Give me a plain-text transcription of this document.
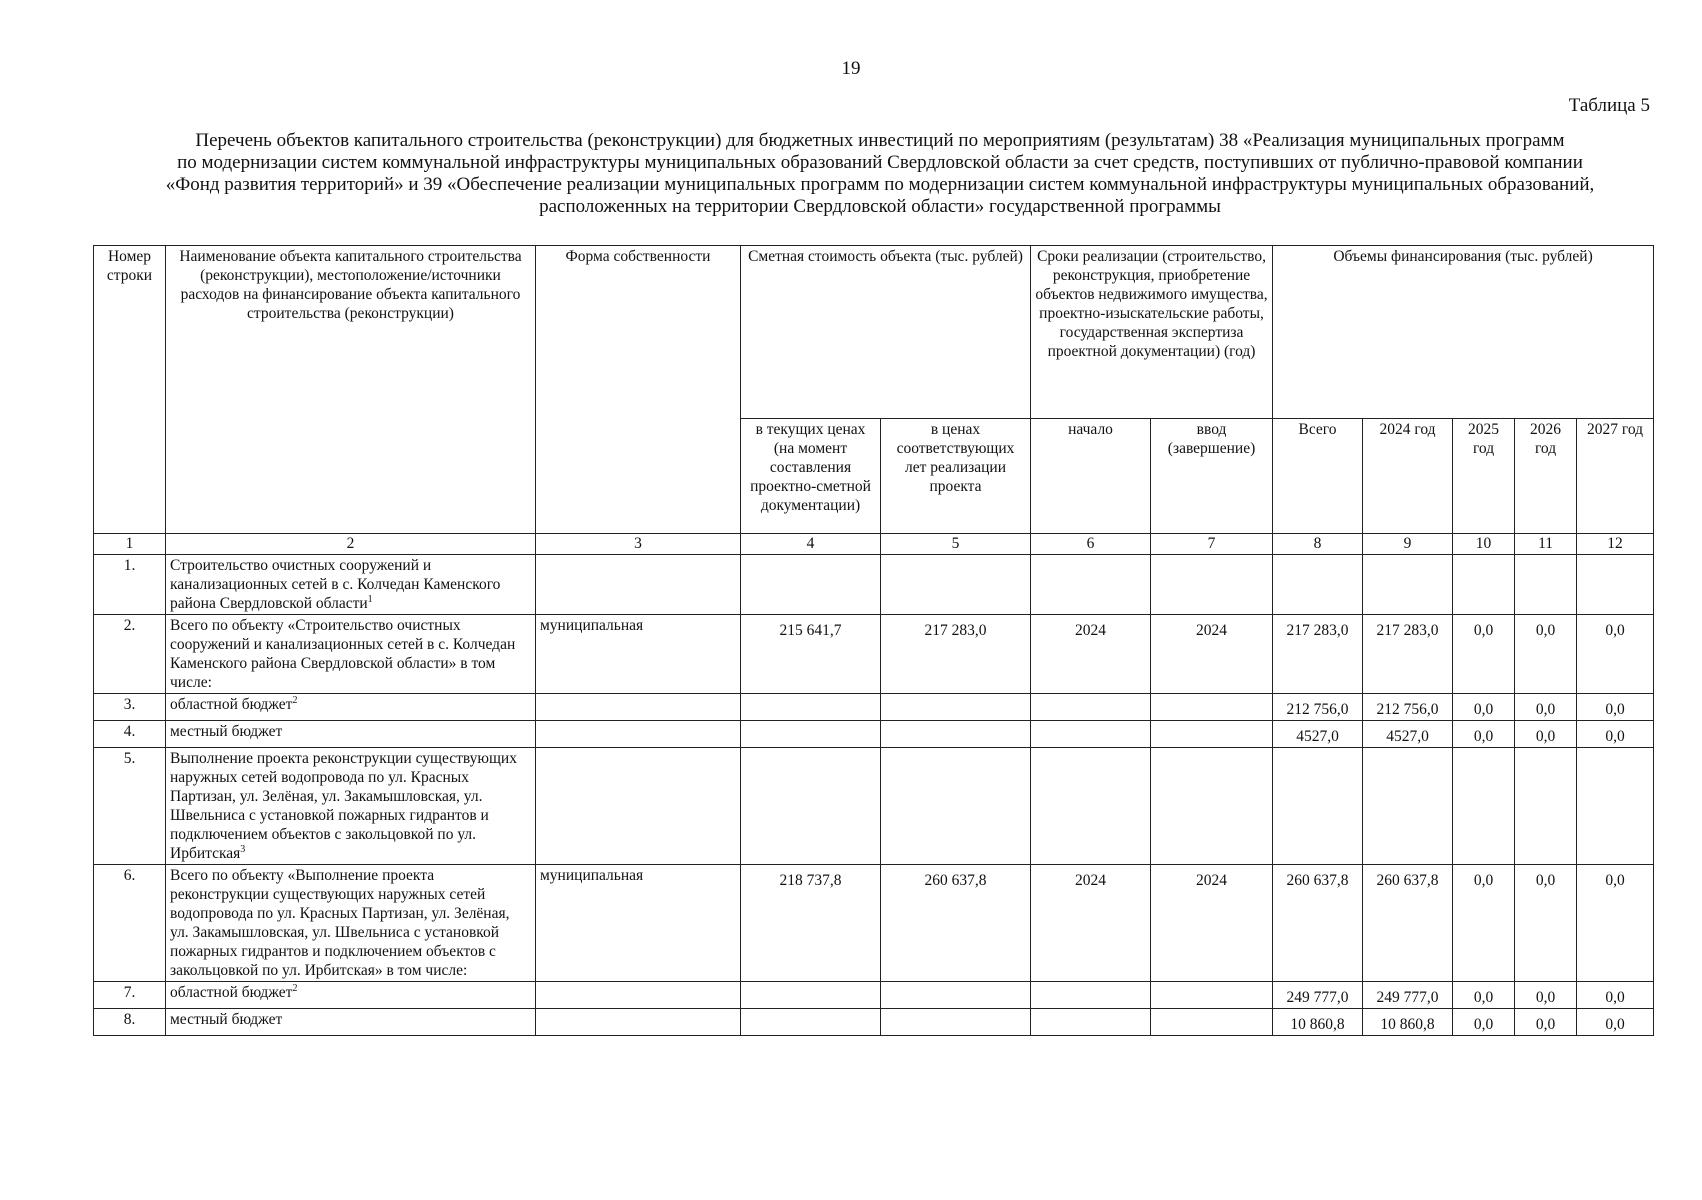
19
Таблица 5
Перечень объектов капитального строительства (реконструкции) для бюджетных инвестиций по мероприятиям (результатам) 38 «Реализация муниципальных программ
по модернизации систем коммунальной инфраструктуры муниципальных образований Свердловской области за счет средств, поступивших от публично-правовой компании
«Фонд развития территорий» и 39 «Обеспечение реализации муниципальных программ по модернизации систем коммунальной инфраструктуры муниципальных образований,
расположенных на территории Свердловской области» государственной программы
Номер строки	Наименование объекта капитального строительства (реконструкции), местоположение/источники расходов на финансирование объекта капитального строительства (реконструкции)	Форма собственности	Сметная стоимость объекта (тыс. рублей)		Сроки реализации (строительство, реконструкция, приобретение объектов недвижимого имущества, проектно-изыскательские работы, государственная экспертиза проектной документации) (год)		Объемы финансирования (тыс. рублей)				
			в текущих ценах (на момент составления проектно-сметной документации)	в ценах соответствующих лет реализации проекта	начало	ввод (завершение)	Всего	2024 год	2025 год	2026 год	2027 год
1	2	3	4	5	6	7	8	9	10	11	12
1.	Строительство очистных сооружений и канализационных сетей в с. Колчедан Каменского района Свердловской области$^1$										
2.	Всего по объекту «Строительство очистных сооружений и канализационных сетей в с. Колчедан Каменского района Свердловской области» в том числе:	муниципальная	215 641,7	217 283,0	2024	2024	217 283,0	217 283,0	0,0	0,0	0,0
3.	областной бюджет$^2$						212 756,0	212 756,0	0,0	0,0	0,0
4.	местный бюджет						4527,0	4527,0	0,0	0,0	0,0
5.	Выполнение проекта реконструкции существующих наружных сетей водопровода по ул. Красных Партизан, ул. Зелёная, ул. Закамышловская, ул. Швельниса с установкой пожарных гидрантов и подключением объектов с закольцовкой по ул. Ирбитская$^3$										
6.	Всего по объекту «Выполнение проекта реконструкции существующих наружных сетей водопровода по ул. Красных Партизан, ул. Зелёная, ул. Закамышловская, ул. Швельниса с установкой пожарных гидрантов и подключением объектов с закольцовкой по ул. Ирбитская» в том числе:	муниципальная	218 737,8	260 637,8	2024	2024	260 637,8	260 637,8	0,0	0,0	0,0
7.	областной бюджет$^2$						249 777,0	249 777,0	0,0	0,0	0,0
8.	местный бюджет						10 860,8	10 860,8	0,0	0,0	0,0
